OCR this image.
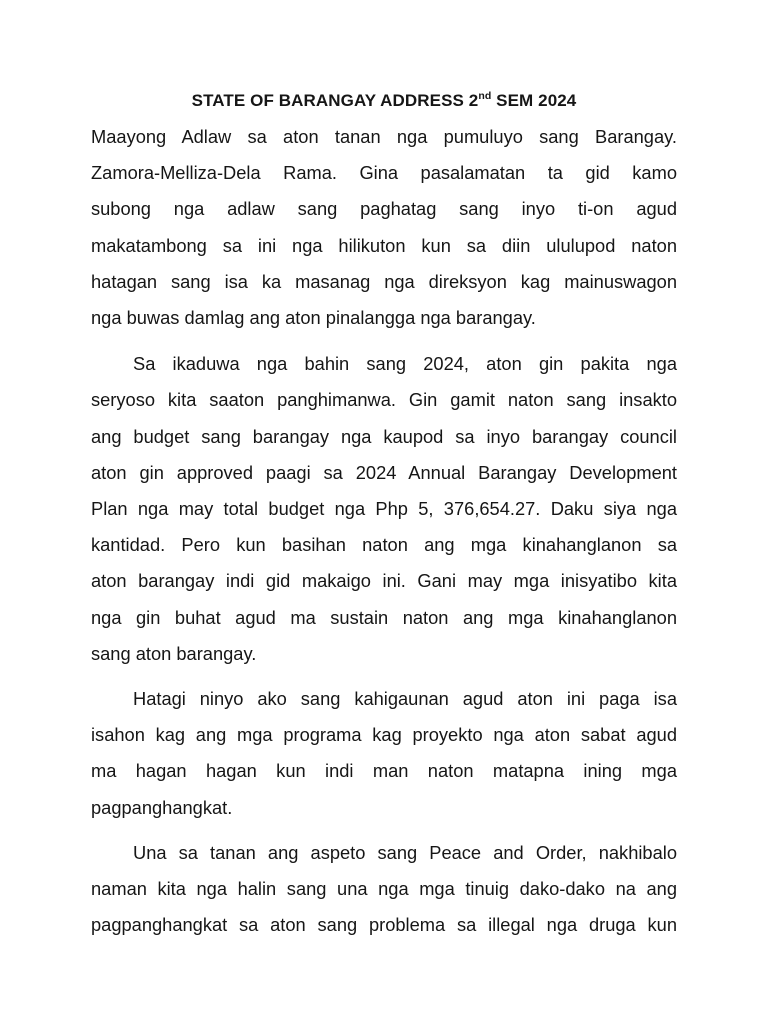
STATE OF BARANGAY ADDRESS 2nd SEM 2024

Maayong Adlaw sa aton tanan nga pumuluyo sang Barangay.
Zamora-Melliza-Dela Rama. Gina pasalamatan ta gid kamo
subong nga adlaw sang paghatag sang inyo ti-on agud
makatambong sa ini nga hilikuton kun sa diin ululupod naton
hatagan sang isa ka masanag nga direksyon kag mainuswagon
nga buwas damlag ang aton pinalangga nga barangay.

Sa ikaduwa nga bahin sang 2024, aton gin pakita nga
seryoso kita saaton panghimanwa. Gin gamit naton sang insakto
ang budget sang barangay nga kaupod sa inyo barangay council
aton gin approved paagi sa 2024 Annual Barangay Development
Plan nga may total budget nga Php 5, 376,654.27. Daku siya nga
kantidad. Pero kun basihan naton ang mga kinahanglanon sa
aton barangay indi gid makaigo ini. Gani may mga inisyatibo kita
nga gin buhat agud ma sustain naton ang mga kinahanglanon
sang aton barangay.

Hatagi ninyo ako sang kahigaunan agud aton ini paga isa
isahon kag ang mga programa kag proyekto nga aton sabat agud
ma hagan hagan kun indi man naton matapna ining mga
pagpanghangkat.

Una sa tanan ang aspeto sang Peace and Order, nakhibalo
naman kita nga halin sang una nga mga tinuig dako-dako na ang
pagpanghangkat sa aton sang problema sa illegal nga druga kun
